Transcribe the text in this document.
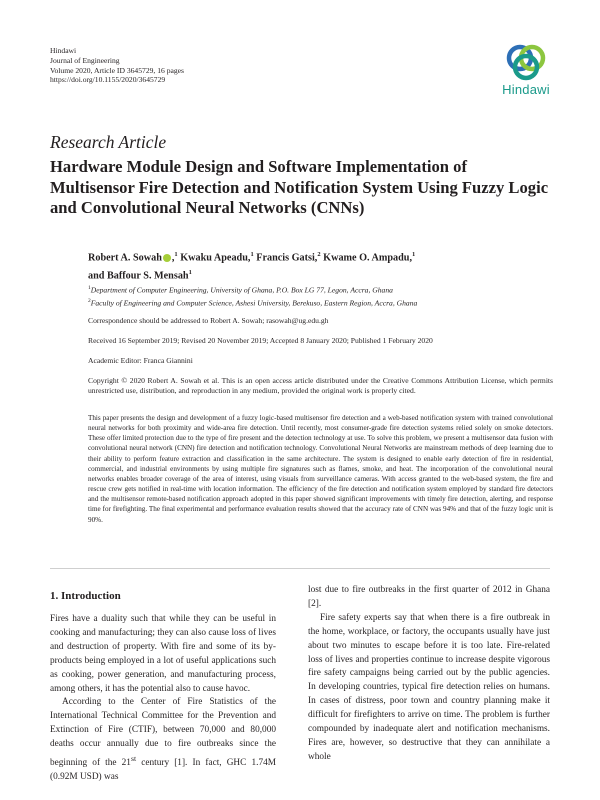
Hindawi
Journal of Engineering
Volume 2020, Article ID 3645729, 16 pages
https://doi.org/10.1155/2020/3645729
Hindawi
Research Article
Hardware Module Design and Software Implementation of Multisensor Fire Detection and Notification System Using Fuzzy Logic and Convolutional Neural Networks (CNNs)
Robert A. Sowah ,$^1$ Kwaku Apeadu,$^1$ Francis Gatsi,$^2$ Kwame O. Ampadu,$^1$
and Baffour S. Mensah$^1$
$^1$Department of Computer Engineering, University of Ghana, P.O. Box LG 77, Legon, Accra, Ghana
$^2$Faculty of Engineering and Computer Science, Ashesi University, Berekuso, Eastern Region, Accra, Ghana
Correspondence should be addressed to Robert A. Sowah; rasowah@ug.edu.gh
Received 16 September 2019; Revised 20 November 2019; Accepted 8 January 2020; Published 1 February 2020
Academic Editor: Franca Giannini
Copyright © 2020 Robert A. Sowah et al. This is an open access article distributed under the Creative Commons Attribution License, which permits unrestricted use, distribution, and reproduction in any medium, provided the original work is properly cited.
This paper presents the design and development of a fuzzy logic-based multisensor fire detection and a web-based notification system with trained convolutional neural networks for both proximity and wide-area fire detection. Until recently, most consumer-grade fire detection systems relied solely on smoke detectors. These offer limited protection due to the type of fire present and the detection technology at use. To solve this problem, we present a multisensor data fusion with convolutional neural network (CNN) fire detection and notification technology. Convolutional Neural Networks are mainstream methods of deep learning due to their ability to perform feature extraction and classification in the same architecture. The system is designed to enable early detection of fire in residential, commercial, and industrial environments by using multiple fire signatures such as flames, smoke, and heat. The incorporation of the convolutional neural networks enables broader coverage of the area of interest, using visuals from surveillance cameras. With access granted to the web-based system, the fire and rescue crew gets notified in real-time with location information. The efficiency of the fire detection and notification system employed by standard fire detectors and the multisensor remote-based notification approach adopted in this paper showed significant improvements with timely fire detection, alerting, and response time for firefighting. The final experimental and performance evaluation results showed that the accuracy rate of CNN was 94% and that of the fuzzy logic unit is 90%.
1. Introduction

Fires have a duality such that while they can be useful in cooking and manufacturing; they can also cause loss of lives and destruction of property. With fire and some of its by-products being employed in a lot of useful applications such as cooking, power generation, and manufacturing process, among others, it has the potential also to cause havoc.

According to the Center of Fire Statistics of the International Technical Committee for the Prevention and Extinction of Fire (CTIF), between 70,000 and 80,000 deaths occur annually due to fire outbreaks since the beginning of the 21st century [1]. In fact, GHC 1.74M (0.92M USD) was

lost due to fire outbreaks in the first quarter of 2012 in Ghana [2].

Fire safety experts say that when there is a fire outbreak in the home, workplace, or factory, the occupants usually have just about two minutes to escape before it is too late. Fire-related loss of lives and properties continue to increase despite vigorous fire safety campaigns being carried out by the public agencies. In developing countries, typical fire detection relies on humans. In cases of distress, poor town and country planning make it difficult for firefighters to arrive on time. The problem is further compounded by inadequate alert and notification mechanisms. Fires are, however, so destructive that they can annihilate a whole
